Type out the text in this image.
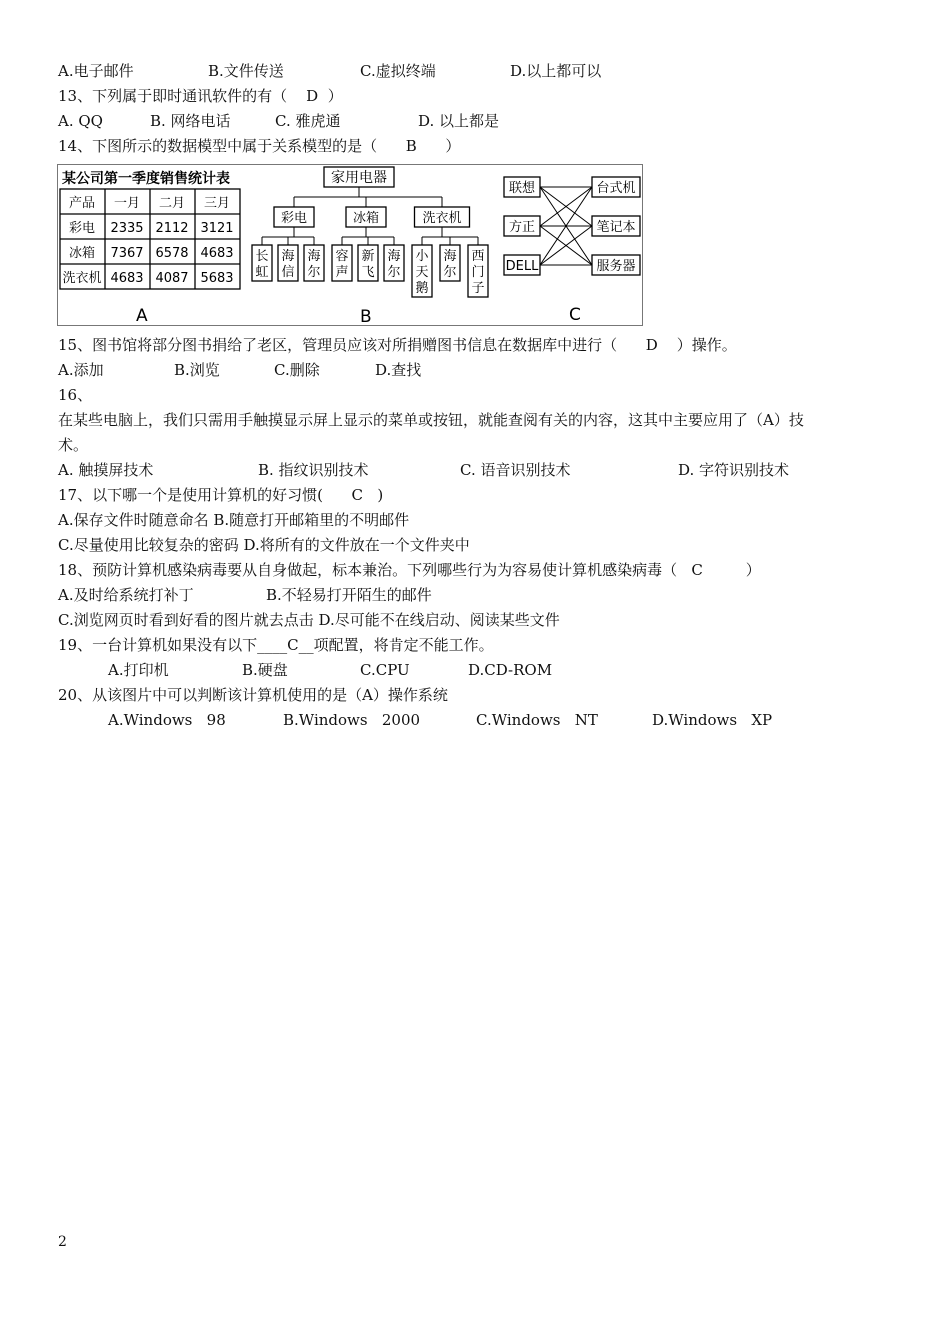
A.电子邮件	B.文件传送	C.虚拟终端	D.以上都可以
13、下列属于即时通讯软件的有（    D  ）
A. QQ	B. 网络电话	C. 雅虎通	D. 以上都是
14、下图所示的数据模型中属于关系模型的是（      B      ）
某公司第一季度销售统计表
产品 一月 二月 三月
彩电 2335 2112 3121
冰箱 7367 6578 4683
洗衣机 4683 4087 5683
家用电器
彩电
长
虹
海
信
海
尔
冰箱
容
声
新
飞
海
尔
洗衣机
小
天
鹅
海
尔
西
门
子
联想
方正
DELL
台式机
笔记本
服务器
A	B	C
15、图书馆将部分图书捐给了老区，管理员应该对所捐赠图书信息在数据库中进行（      D    ）操作。
A.添加	B.浏览	C.删除	D.查找
16、
在某些电脑上，我们只需用手触摸显示屏上显示的菜单或按钮，就能查阅有关的内容，这其中主要应用了（A）技
术。
A. 触摸屏技术	B. 指纹识别技术	C. 语音识别技术	D. 字符识别技术
17、以下哪一个是使用计算机的好习惯(      C   )
A.保存文件时随意命名 B.随意打开邮箱里的不明邮件
C.尽量使用比较复杂的密码 D.将所有的文件放在一个文件夹中
18、预防计算机感染病毒要从自身做起，标本兼治。下列哪些行为为容易使计算机感染病毒（   C         ）
A.及时给系统打补丁	B.不轻易打开陌生的邮件
C.浏览网页时看到好看的图片就去点击 D.尽可能不在线启动、阅读某些文件
19、一台计算机如果没有以下____C__项配置，将肯定不能工作。
A.打印机	B.硬盘	C.CPU	D.CD-ROM
20、从该图片中可以判断该计算机使用的是（A）操作系统
A.Windows   98	B.Windows   2000	C.Windows   NT	D.Windows   XP
2
